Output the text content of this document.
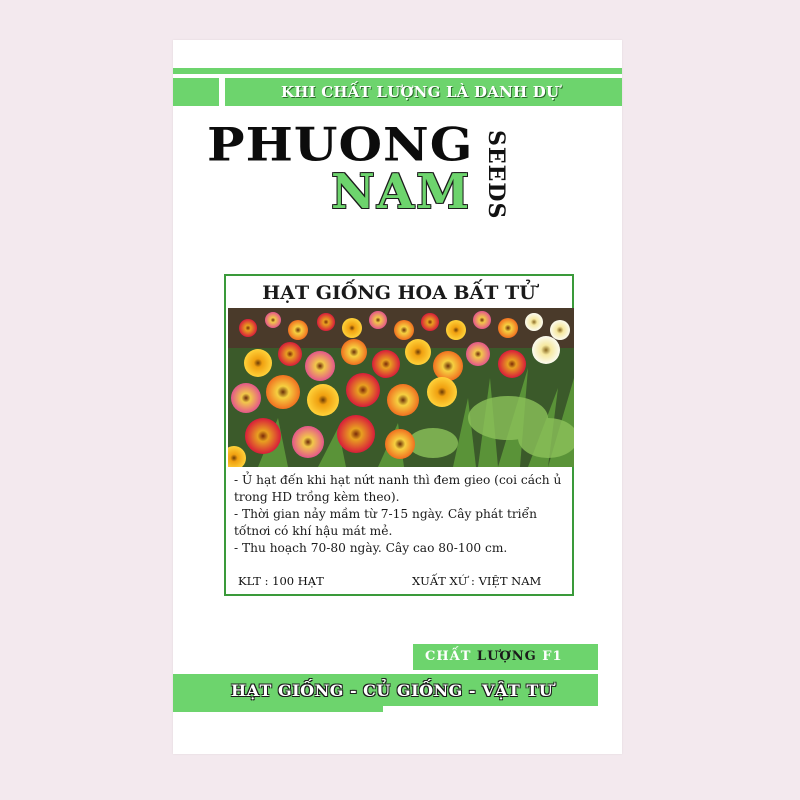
KHI CHẤT LƯỢNG LÀ DANH DỰ
PHUONG
NAM SEEDS
HẠT GIỐNG HOA BẤT TỬ
- Ủ hạt đến khi hạt nứt nanh thì đem gieo (coi cách ủ trong HD trồng kèm theo).
- Thời gian nảy mầm từ 7-15 ngày. Cây phát triển tốtnơi có khí hậu mát mẻ.
- Thu hoạch 70-80 ngày. Cây cao 80-100 cm.
KLT : 100 HẠT	XUẤT XỨ : VIỆT NAM
CHẤT LƯỢNG F1
HẠT GIỐNG - CỦ GIỐNG - VẬT TƯ
